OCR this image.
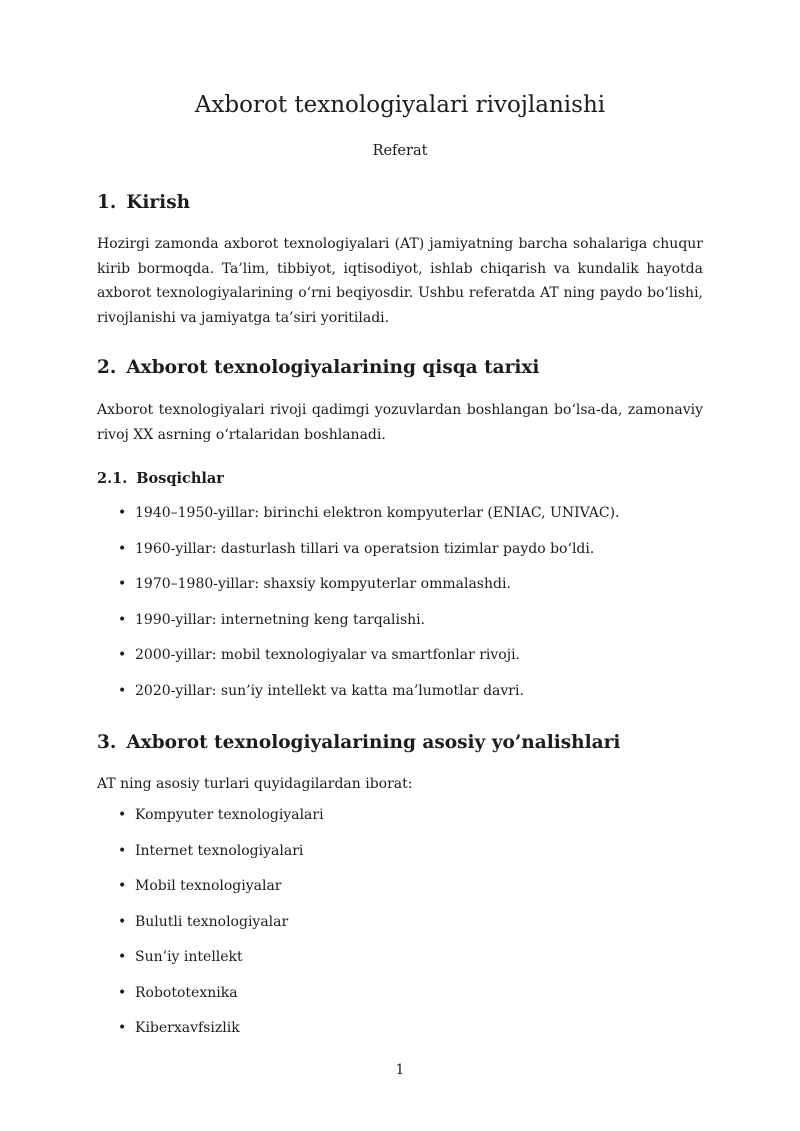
Axborot texnologiyalari rivojlanishi
Referat
1. Kirish

Hozirgi zamonda axborot texnologiyalari (AT) jamiyatning barcha sohalariga chuqur kirib bormoqda. Ta’lim, tibbiyot, iqtisodiyot, ishlab chiqarish va kundalik hayotda axborot texnologiyalarining o‘rni beqiyosdir. Ushbu referatda AT ning paydo bo‘lishi, rivojlanishi va jamiyatga ta’siri yoritiladi.

2. Axborot texnologiyalarining qisqa tarixi

Axborot texnologiyalari rivoji qadimgi yozuvlardan boshlangan bo‘lsa-da, zamonaviy rivoj XX asrning o‘rtalaridan boshlanadi.

2.1. Bosqichlar
• 1940–1950-yillar: birinchi elektron kompyuterlar (ENIAC, UNIVAC).
• 1960-yillar: dasturlash tillari va operatsion tizimlar paydo bo‘ldi.
• 1970–1980-yillar: shaxsiy kompyuterlar ommalashdi.
• 1990-yillar: internetning keng tarqalishi.
• 2000-yillar: mobil texnologiyalar va smartfonlar rivoji.
• 2020-yillar: sun’iy intellekt va katta ma’lumotlar davri.
3. Axborot texnologiyalarining asosiy yo’nalishlari

AT ning asosiy turlari quyidagilardan iborat:

• Kompyuter texnologiyalari
• Internet texnologiyalari
• Mobil texnologiyalar
• Bulutli texnologiyalar
• Sun’iy intellekt
• Robototexnika
• Kiberxavfsizlik
1
